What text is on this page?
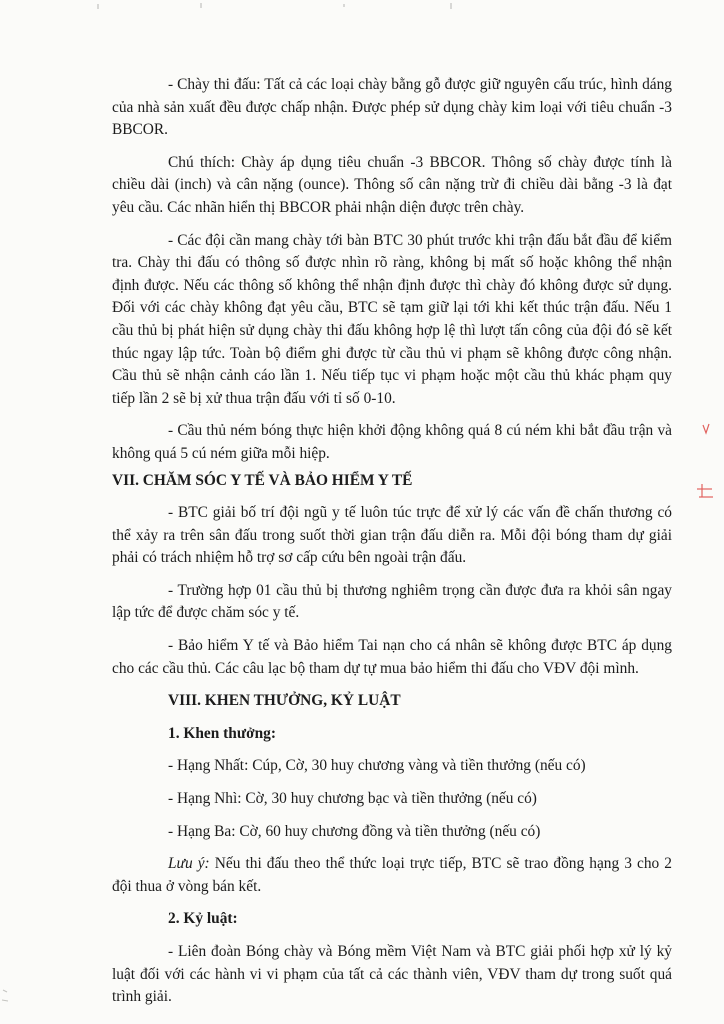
- Chày thi đấu: Tất cả các loại chày bằng gỗ được giữ nguyên cấu trúc, hình dáng của nhà sản xuất đều được chấp nhận. Được phép sử dụng chày kim loại với tiêu chuẩn -3 BBCOR.

Chú thích: Chày áp dụng tiêu chuẩn -3 BBCOR. Thông số chày được tính là chiều dài (inch) và cân nặng (ounce). Thông số cân nặng trừ đi chiều dài bằng -3 là đạt yêu cầu. Các nhãn hiển thị BBCOR phải nhận diện được trên chày.

- Các đội cần mang chày tới bàn BTC 30 phút trước khi trận đấu bắt đầu để kiểm tra. Chày thi đấu có thông số được nhìn rõ ràng, không bị mất số hoặc không thể nhận định được. Nếu các thông số không thể nhận định được thì chày đó không được sử dụng. Đối với các chày không đạt yêu cầu, BTC sẽ tạm giữ lại tới khi kết thúc trận đấu. Nếu 1 cầu thủ bị phát hiện sử dụng chày thi đấu không hợp lệ thì lượt tấn công của đội đó sẽ kết thúc ngay lập tức. Toàn bộ điểm ghi được từ cầu thủ vi phạm sẽ không được công nhận. Cầu thủ sẽ nhận cảnh cáo lần 1. Nếu tiếp tục vi phạm hoặc một cầu thủ khác phạm quy tiếp lần 2 sẽ bị xử thua trận đấu với tỉ số 0-10.

- Cầu thủ ném bóng thực hiện khởi động không quá 8 cú ném khi bắt đầu trận và không quá 5 cú ném giữa mỗi hiệp.

VII. CHĂM SÓC Y TẾ VÀ BẢO HIỂM Y TẾ

- BTC giải bố trí đội ngũ y tế luôn túc trực để xử lý các vấn đề chấn thương có thể xảy ra trên sân đấu trong suốt thời gian trận đấu diễn ra. Mỗi đội bóng tham dự giải phải có trách nhiệm hỗ trợ sơ cấp cứu bên ngoài trận đấu.

- Trường hợp 01 cầu thủ bị thương nghiêm trọng cần được đưa ra khỏi sân ngay lập tức để được chăm sóc y tế.

- Bảo hiểm Y tế và Bảo hiểm Tai nạn cho cá nhân sẽ không được BTC áp dụng cho các cầu thủ. Các câu lạc bộ tham dự tự mua bảo hiểm thi đấu cho VĐV đội mình.

VIII. KHEN THƯỞNG, KỶ LUẬT

1. Khen thưởng:

- Hạng Nhất: Cúp, Cờ, 30 huy chương vàng và tiền thưởng (nếu có)

- Hạng Nhì: Cờ, 30 huy chương bạc và tiền thưởng (nếu có)

- Hạng Ba: Cờ, 60 huy chương đồng và tiền thưởng (nếu có)

Lưu ý: Nếu thi đấu theo thể thức loại trực tiếp, BTC sẽ trao đồng hạng 3 cho 2 đội thua ở vòng bán kết.

2. Kỷ luật:

- Liên đoàn Bóng chày và Bóng mềm Việt Nam và BTC giải phối hợp xử lý kỷ luật đối với các hành vi vi phạm của tất cả các thành viên, VĐV tham dự trong suốt quá trình giải.
